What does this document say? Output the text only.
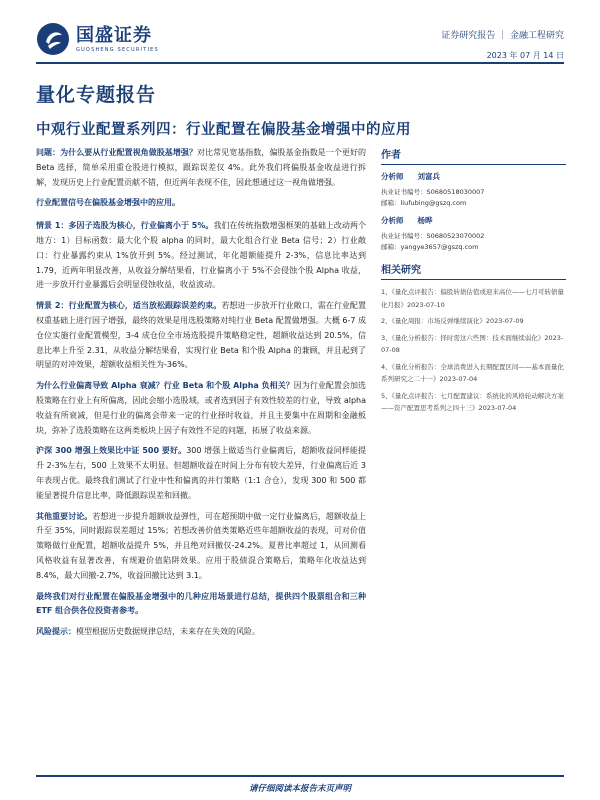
国盛证券
GUOSHENG SECURITIES
证券研究报告 ｜ 金融工程研究
2023 年 07 月 14 日
量化专题报告
中观行业配置系列四：行业配置在偏股基金增强中的应用

问题：为什么要从行业配置视角做股基增强？对比常见宽基指数，偏股基金指数是一个更好的 Beta 选择，简单采用重仓股进行模拟，跟踪误差仅 4%。此外我们将偏股基金收益进行拆解，发现历史上行业配置贡献不错，但近两年表现不佳，因此想通过这一视角做增强。

行业配置信号在偏股基金增强中的应用。

情景 1：多因子选股为核心，行业偏离小于 5%。我们在传统指数增强框架的基础上改动两个地方：1）目标函数：最大化个股 alpha 的同时，最大化组合行业 Beta 信号；2）行业敞口：行业暴露约束从 1%放开到 5%。经过测试，年化超额能提升 2-3%，信息比率达到 1.79，近两年明显改善，从收益分解结果看，行业偏离小于 5%不会侵蚀个股 Alpha 收益，进一步放开行业暴露后会明显侵蚀收益，收益波动。

情景 2：行业配置为核心，适当放松跟踪误差约束。若想进一步放开行业敞口，需在行业配置权重基础上进行因子增强，最终的效果是用选股策略对纯行业 Beta 配置做增强。大概 6-7 成仓位实施行业配置模型，3-4 成仓位全市场选股提升策略稳定性，超额收益达到 20.5%，信息比率上升至 2.31，从收益分解结果看，实现行业 Beta 和个股 Alpha 的兼顾，并且起到了明显的对冲效果，超额收益相关性为-36%。

为什么行业偏离导致 Alpha 衰减？行业 Beta 和个股 Alpha 负相关？因为行业配置会加选股策略在行业上有所偏离，因此会缩小选股域，或者选到因子有效性较差的行业，导致 alpha 收益有所衰减，但是行业的偏离会带来一定的行业择时收益，并且主要集中在周期和金融板块，弥补了选股策略在这两类板块上因子有效性不足的问题，拓展了收益来源。

沪深 300 增强上效果比中证 500 要好。300 增强上做适当行业偏离后，超额收益同样能提升 2-3%左右，500 上效果不太明显。但超额收益在时间上分布有较大差异，行业偏离后近 3 年表现占优。最终我们测试了行业中性和偏离的并行策略（1:1 合仓），发现 300 和 500 都能显著提升信息比率，降低跟踪误差和回撤。

其他重要讨论。若想进一步提升超额收益弹性，可在超预期中做一定行业偏离后，超额收益上升至 35%，同时跟踪误差超过 15%；若想改善价值类策略近些年超额收益的表现，可对价值策略做行业配置，超额收益提升 5%，并且绝对回撤仅-24.2%。夏普比率超过 1，从回测看风格收益有显著改善，有规避价值陷阱效果。应用于股债混合策略后，策略年化收益达到 8.4%，最大回撤-2.7%，收益回撤比达到 3.1。

最终我们对行业配置在偏股基金增强中的几种应用场景进行总结，提供四个股票组合和三种 ETF 组合供各位投资者参考。

风险提示：模型根据历史数据规律总结，未来存在失效的风险。

作者
分析师 刘富兵
执业证书编号：S0680518030007
邮箱：liufubing@gszq.com
分析师 杨晔
执业证书编号：S0680523070002
邮箱：yangye3657@gszq.com
相关研究
1、《量化点评报告：偏股转债估值或迎来高位——七月可转债量化月报》2023-07-10
2、《量化周报：市场反弹继续演化》2023-07-09
3、《量化分析报告：择时需这六些图：技术面继续弱化》2023-07-08
4、《量化分析报告：全球消费进入长期配置区间——基本面量化系列研究之二十一》2023-07-04
5、《量化点评报告：七月配置建议：系统化的风格轮动解决方案——资产配置思考系列之四十三》2023-07-04
请仔细阅读本报告末页声明
